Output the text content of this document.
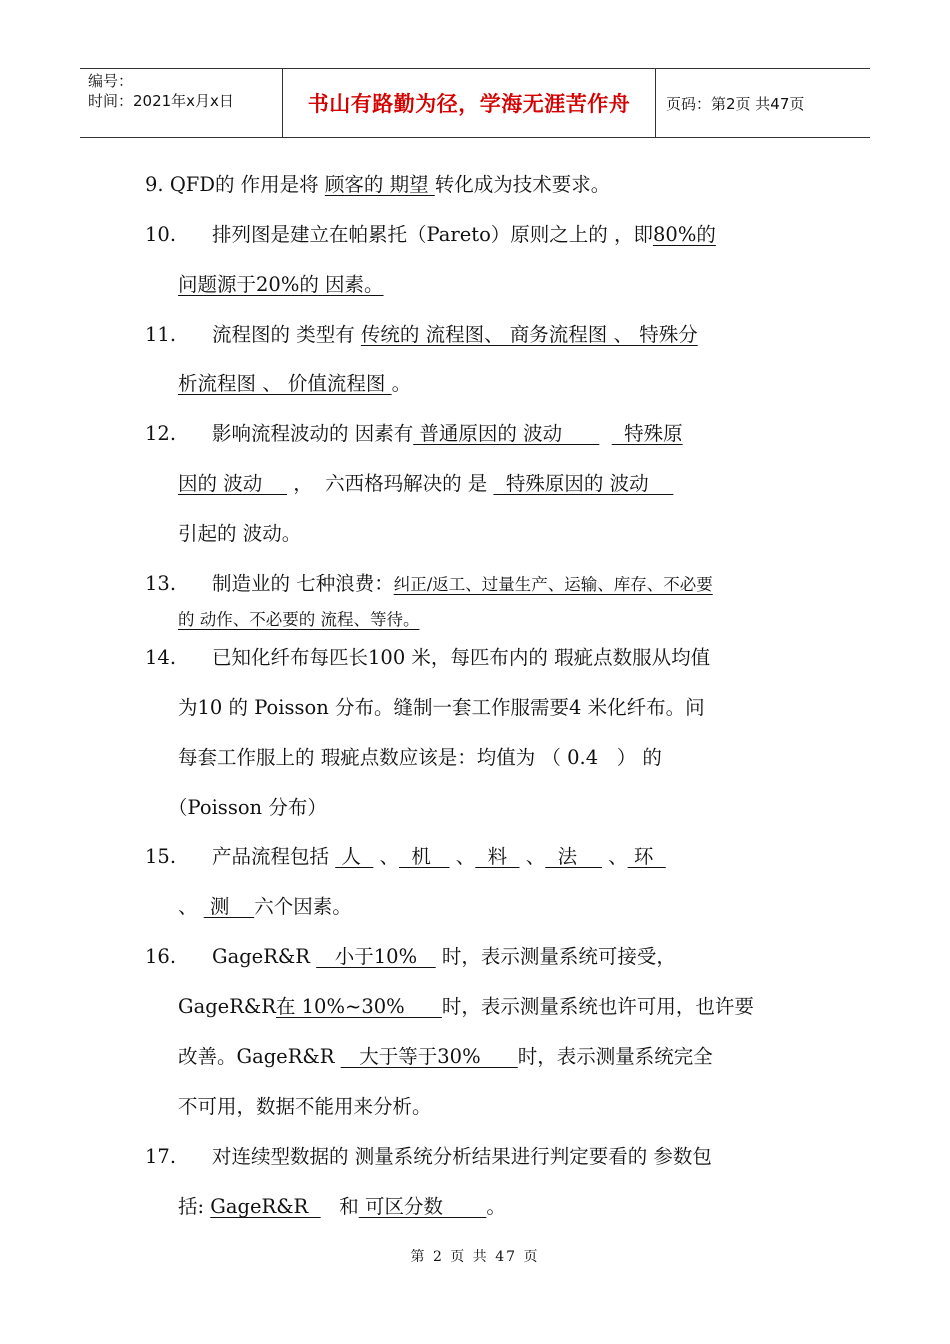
编号：
时间：2021年x月x日	书山有路勤为径，学海无涯苦作舟 页码：第2页 共47页
9. QFD的 作用是将 顾客的 期望 转化成为技术要求。
10. 排列图是建立在帕累托（Pareto）原则之上的 ，即80%的
问题源于20%的 因素。
11. 流程图的 类型有 传统的 流程图、 商务流程图 、 特殊分
析流程图 、 价值流程图 。
12. 影响流程波动的 因素有 普通原因的 波动          特殊原
因的 波动     ，  六西格玛解决的 是   特殊原因的 波动
引起的 波动。
13. 制造业的 七种浪费：纠正/返工、过量生产、运输、库存、不必要
的 动作、不必要的 流程、等待。
14. 已知化纤布每匹长100 米，每匹布内的 瑕疵点数服从均值
为10 的 Poisson 分布。缝制一套工作服需要4 米化纤布。问
每套工作服上的 瑕疵点数应该是：均值为 （ 0.4   ） 的
（Poisson 分布）
15. 产品流程包括  人   、  机    、  料   、  法     、 环
、  测    六个因素。
16. GageR&R    小于10%    时，表示测量系统可接受，
GageR&R在 10%~30%      时，表示测量系统也许可用，也许要
改善。GageR&R    大于等于30%      时，表示测量系统完全
不可用，数据不能用来分析。
17. 对连续型数据的 测量系统分析结果进行判定要看的 参数包
括: GageR&R     和 可区分数       。
第 2 页 共 47 页
